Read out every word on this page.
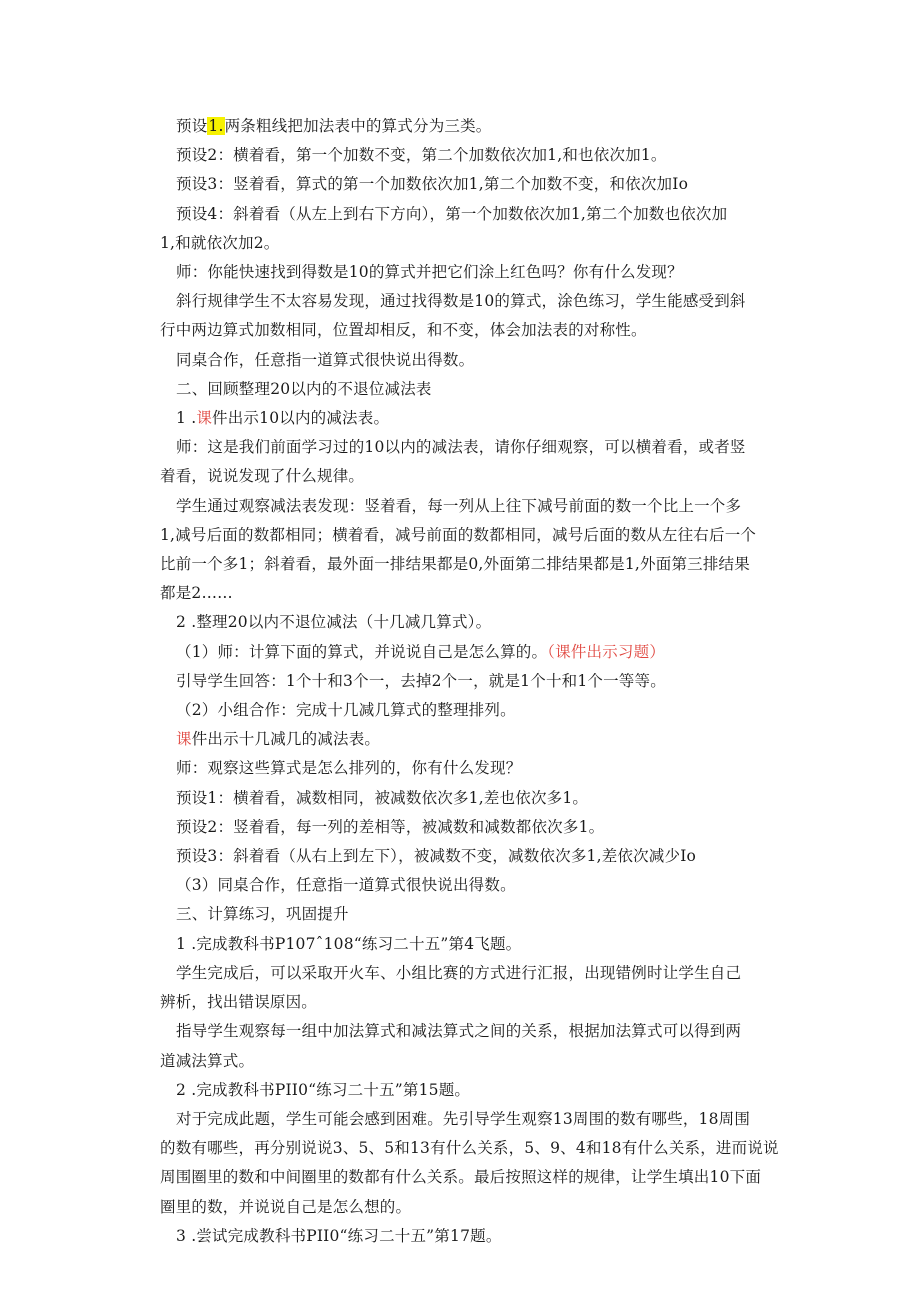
预设1.两条粗线把加法表中的算式分为三类。

预设2：横着看，第一个加数不变，第二个加数依次加1,和也依次加1。

预设3：竖着看，算式的第一个加数依次加1,第二个加数不变，和依次加Io

预设4：斜着看（从左上到右下方向），第一个加数依次加1,第二个加数也依次加

1,和就依次加2。

师：你能快速找到得数是10的算式并把它们涂上红色吗？你有什么发现？

斜行规律学生不太容易发现，通过找得数是10的算式，涂色练习，学生能感受到斜

行中两边算式加数相同，位置却相反，和不变，体会加法表的对称性。

同桌合作，任意指一道算式很快说出得数。

二、回顾整理20以内的不退位减法表

1 .课件出示10以内的减法表。

师：这是我们前面学习过的10以内的减法表，请你仔细观察，可以横着看，或者竖

着看，说说发现了什么规律。

学生通过观察减法表发现：竖着看，每一列从上往下减号前面的数一个比上一个多

1,减号后面的数都相同；横着看，减号前面的数都相同，减号后面的数从左往右后一个

比前一个多1；斜着看，最外面一排结果都是0,外面第二排结果都是1,外面第三排结果

都是2……

2 .整理20以内不退位减法（十几减几算式）。

（1）师：计算下面的算式，并说说自己是怎么算的。（课件出示习题）

引导学生回答：1个十和3个一，去掉2个一，就是1个十和1个一等等。

（2）小组合作：完成十几减几算式的整理排列。

课件出示十几减几的减法表。

师：观察这些算式是怎么排列的，你有什么发现？

预设1：横着看，减数相同，被减数依次多1,差也依次多1。

预设2：竖着看，每一列的差相等，被减数和减数都依次多1。

预设3：斜着看（从右上到左下），被减数不变，减数依次多1,差依次减少Io

（3）同桌合作，任意指一道算式很快说出得数。

三、计算练习，巩固提升

1 .完成教科书P107ˆ108“练习二十五”第4飞题。

学生完成后，可以采取开火车、小组比赛的方式进行汇报，出现错例时让学生自己

辨析，找出错误原因。

指导学生观察每一组中加法算式和减法算式之间的关系，根据加法算式可以得到两

道减法算式。

2 .完成教科书PII0“练习二十五”第15题。

对于完成此题，学生可能会感到困难。先引导学生观察13周围的数有哪些，18周围

的数有哪些，再分别说说3、5、5和13有什么关系，5、9、4和18有什么关系，进而说说

周围圈里的数和中间圈里的数都有什么关系。最后按照这样的规律，让学生填出10下面

圈里的数，并说说自己是怎么想的。

3 .尝试完成教科书PII0“练习二十五”第17题。
